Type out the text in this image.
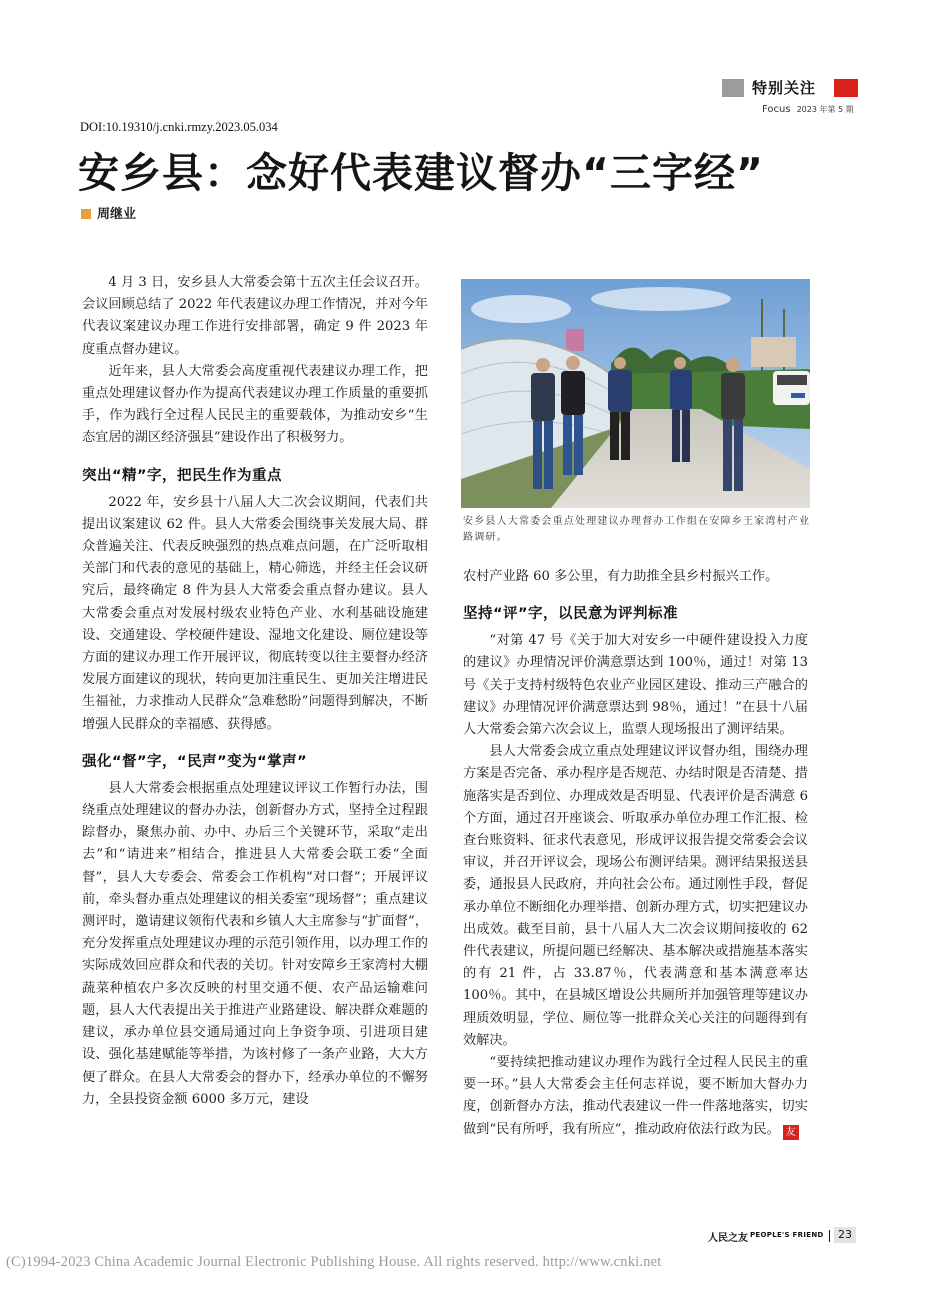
特别关注
Focus 2023 年第 5 期
DOI:10.19310/j.cnki.rmzy.2023.05.034
安乡县：念好代表建议督办“三字经”
周继业

4 月 3 日，安乡县人大常委会第十五次主任会议召开。会议回顾总结了 2022 年代表建议办理工作情况，并对今年代表议案建议办理工作进行安排部署，确定 9 件 2023 年度重点督办建议。

近年来，县人大常委会高度重视代表建议办理工作，把重点处理建议督办作为提高代表建议办理工作质量的重要抓手，作为践行全过程人民民主的重要载体，为推动安乡“生态宜居的湖区经济强县”建设作出了积极努力。

突出“精”字，把民生作为重点

2022 年，安乡县十八届人大二次会议期间，代表们共提出议案建议 62 件。县人大常委会围绕事关发展大局、群众普遍关注、代表反映强烈的热点难点问题，在广泛听取相关部门和代表的意见的基础上，精心筛选，并经主任会议研究后，最终确定 8 件为县人大常委会重点督办建议。县人大常委会重点对发展村级农业特色产业、水利基础设施建设、交通建设、学校硬件建设、湿地文化建设、厕位建设等方面的建议办理工作开展评议，彻底转变以往主要督办经济发展方面建议的现状，转向更加注重民生、更加关注增进民生福祉，力求推动人民群众“急难愁盼”问题得到解决，不断增强人民群众的幸福感、获得感。

强化“督”字，“民声”变为“掌声”

县人大常委会根据重点处理建议评议工作暂行办法，围绕重点处理建议的督办办法，创新督办方式，坚持全过程跟踪督办，聚焦办前、办中、办后三个关键环节，采取“走出去”和“请进来”相结合，推进县人大常委会联工委“全面督”，县人大专委会、常委会工作机构“对口督”；开展评议前，牵头督办重点处理建议的相关委室“现场督”；重点建议测评时，邀请建议领衔代表和乡镇人大主席参与“扩面督”，充分发挥重点处理建议办理的示范引领作用，以办理工作的实际成效回应群众和代表的关切。针对安障乡王家湾村大棚蔬菜种植农户多次反映的村里交通不便、农产品运输难问题，县人大代表提出关于推进产业路建设、解决群众难题的建议，承办单位县交通局通过向上争资争项、引进项目建设、强化基建赋能等举措，为该村修了一条产业路，大大方便了群众。在县人大常委会的督办下，经承办单位的不懈努力，全县投资金额 6000 多万元，建设

安乡县人大常委会重点处理建议办理督办工作组在安障乡王家湾村产业路调研。

农村产业路 60 多公里，有力助推全县乡村振兴工作。

坚持“评”字，以民意为评判标准

“对第 47 号《关于加大对安乡一中硬件建设投入力度的建议》办理情况评价满意票达到 100％，通过！对第 13 号《关于支持村级特色农业产业园区建设、推动三产融合的建议》办理情况评价满意票达到 98％，通过！”在县十八届人大常委会第六次会议上，监票人现场报出了测评结果。

县人大常委会成立重点处理建议评议督办组，围绕办理方案是否完备、承办程序是否规范、办结时限是否清楚、措施落实是否到位、办理成效是否明显、代表评价是否满意 6 个方面，通过召开座谈会、听取承办单位办理工作汇报、检查台账资料、征求代表意见，形成评议报告提交常委会会议审议，并召开评议会，现场公布测评结果。测评结果报送县委，通报县人民政府，并向社会公布。通过刚性手段，督促承办单位不断细化办理举措、创新办理方式，切实把建议办出成效。截至目前，县十八届人大二次会议期间接收的 62 件代表建议，所提问题已经解决、基本解决或措施基本落实的有 21 件，占 33.87％，代表满意和基本满意率达 100％。其中，在县城区增设公共厕所并加强管理等建议办理质效明显，学位、厕位等一批群众关心关注的问题得到有效解决。

“要持续把推动建议办理作为践行全过程人民民主的重要一环。”县人大常委会主任何志祥说，要不断加大督办力度，创新督办方法，推动代表建议一件一件落地落实，切实做到“民有所呼，我有所应”，推动政府依法行政为民。 友

人民之友 PEOPLE'S FRIEND	23
(C)1994-2023 China Academic Journal Electronic Publishing House. All rights reserved. http://www.cnki.net
